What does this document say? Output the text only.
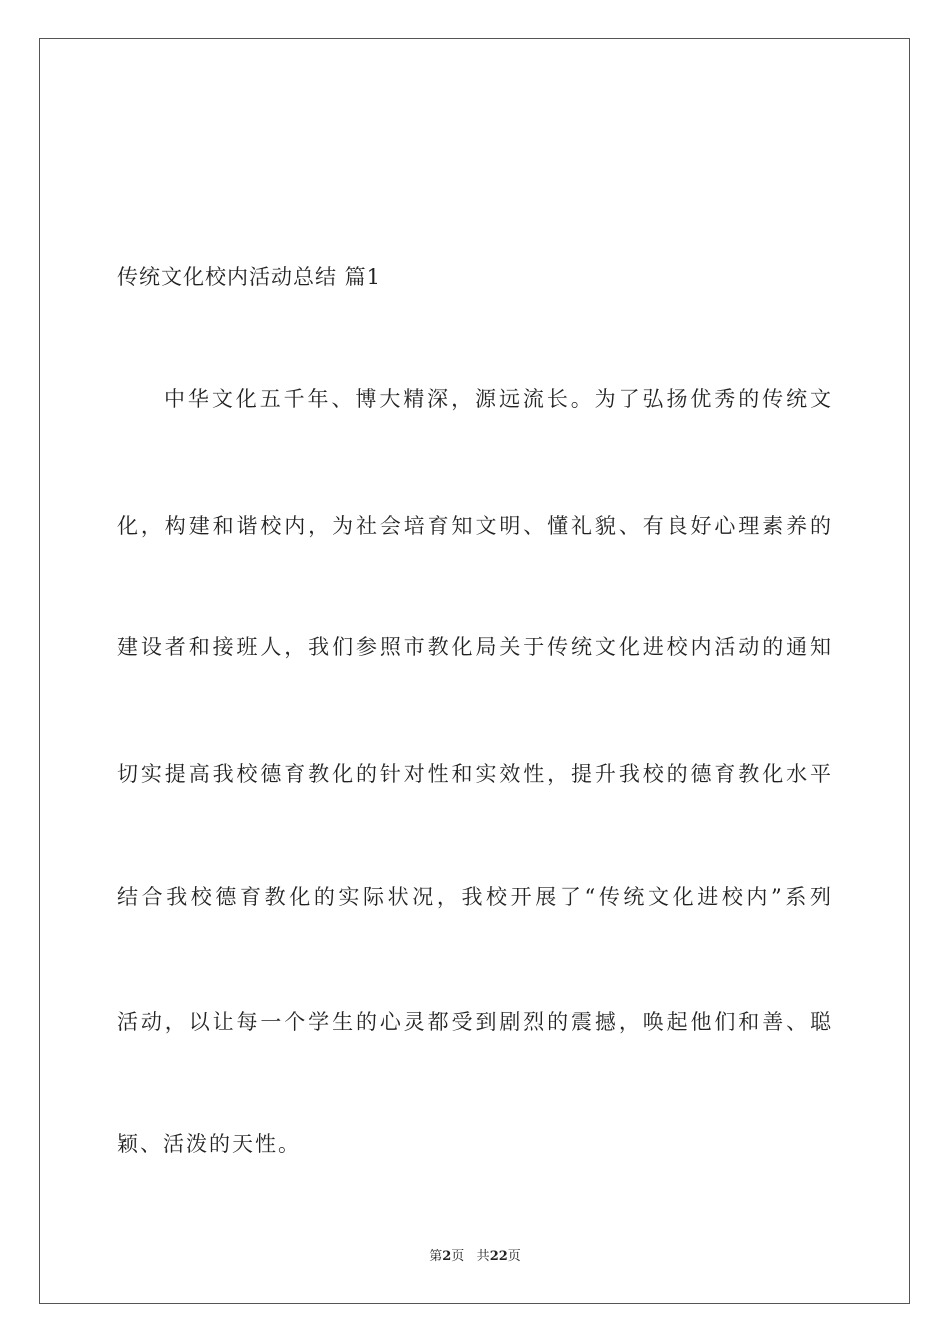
传统文化校内活动总结 篇1
中华文化五千年、博大精深，源远流长。为了弘扬优秀的传统文
化，构建和谐校内，为社会培育知文明、懂礼貌、有良好心理素养的
建设者和接班人，我们参照市教化局关于传统文化进校内活动的通知
切实提高我校德育教化的针对性和实效性，提升我校的德育教化水平
结合我校德育教化的实际状况，我校开展了“传统文化进校内”系列
活动，以让每一个学生的心灵都受到剧烈的震撼，唤起他们和善、聪
颖、活泼的天性。
第2页 共22页
